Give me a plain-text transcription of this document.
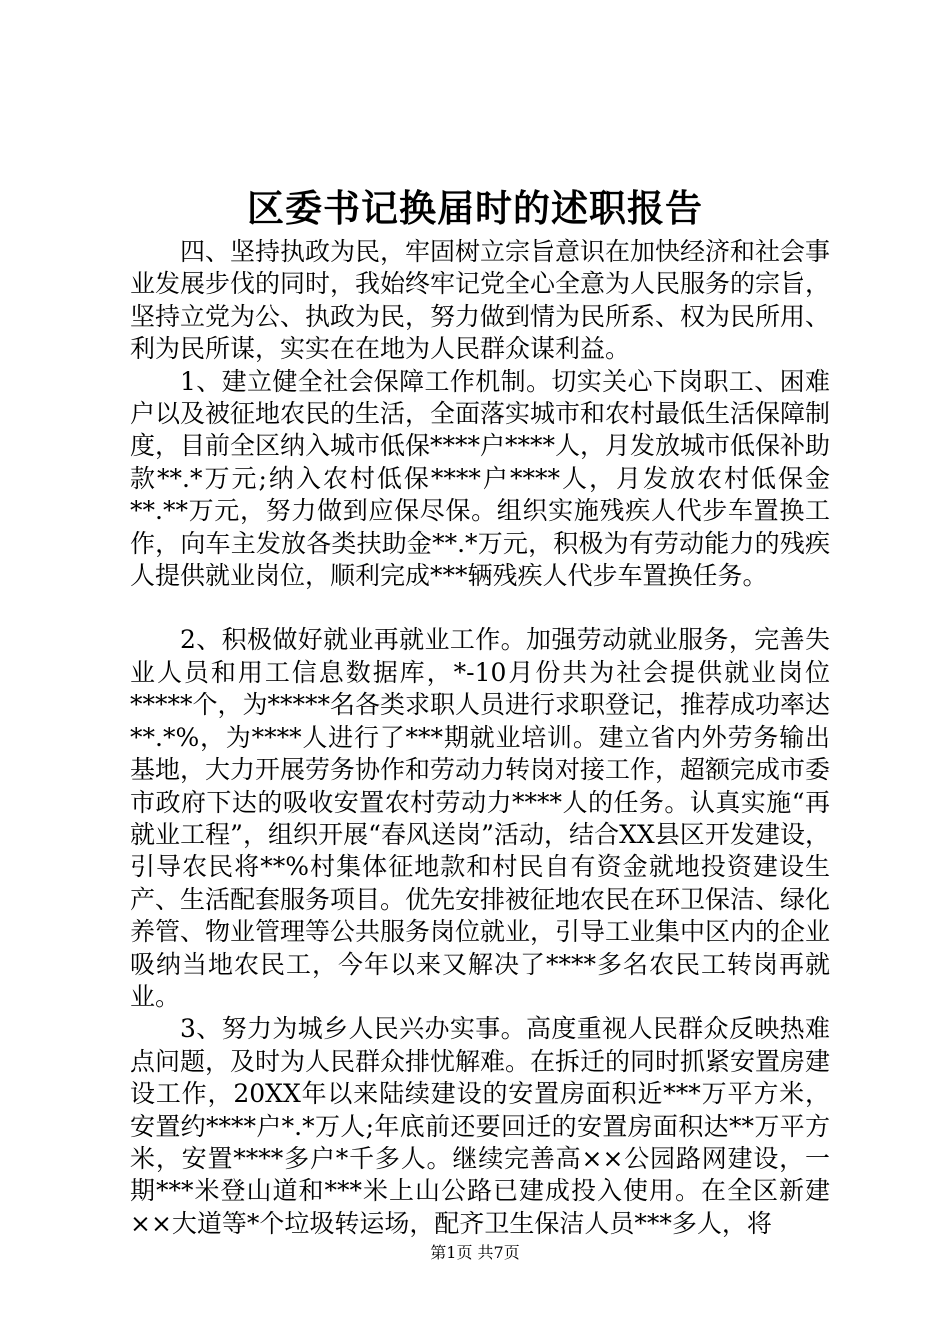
区委书记换届时的述职报告

四、坚持执政为民，牢固树立宗旨意识在加快经济和社会事业发展步伐的同时，我始终牢记党全心全意为人民服务的宗旨，坚持立党为公、执政为民，努力做到情为民所系、权为民所用、利为民所谋，实实在在地为人民群众谋利益。

1、建立健全社会保障工作机制。切实关心下岗职工、困难户以及被征地农民的生活，全面落实城市和农村最低生活保障制度，目前全区纳入城市低保****户****人，月发放城市低保补助款**.*万元;纳入农村低保****户****人，月发放农村低保金**.**万元，努力做到应保尽保。组织实施残疾人代步车置换工作，向车主发放各类扶助金**.*万元，积极为有劳动能力的残疾人提供就业岗位，顺利完成***辆残疾人代步车置换任务。

2、积极做好就业再就业工作。加强劳动就业服务，完善失业人员和用工信息数据库，*-10月份共为社会提供就业岗位*****个，为*****名各类求职人员进行求职登记，推荐成功率达**.*%，为****人进行了***期就业培训。建立省内外劳务输出基地，大力开展劳务协作和劳动力转岗对接工作，超额完成市委市政府下达的吸收安置农村劳动力****人的任务。认真实施“再就业工程”，组织开展“春风送岗”活动，结合XX县区开发建设，引导农民将**%村集体征地款和村民自有资金就地投资建设生产、生活配套服务项目。优先安排被征地农民在环卫保洁、绿化养管、物业管理等公共服务岗位就业，引导工业集中区内的企业吸纳当地农民工，今年以来又解决了****多名农民工转岗再就业。

3、努力为城乡人民兴办实事。高度重视人民群众反映热难点问题，及时为人民群众排忧解难。在拆迁的同时抓紧安置房建设工作，20XX年以来陆续建设的安置房面积近***万平方米，安置约****户*.*万人;年底前还要回迁的安置房面积达**万平方米，安置****多户*千多人。继续完善高××公园路网建设，一期***米登山道和***米上山公路已建成投入使用。在全区新建××大道等*个垃圾转运场，配齐卫生保洁人员***多人，将

第1页 共7页
